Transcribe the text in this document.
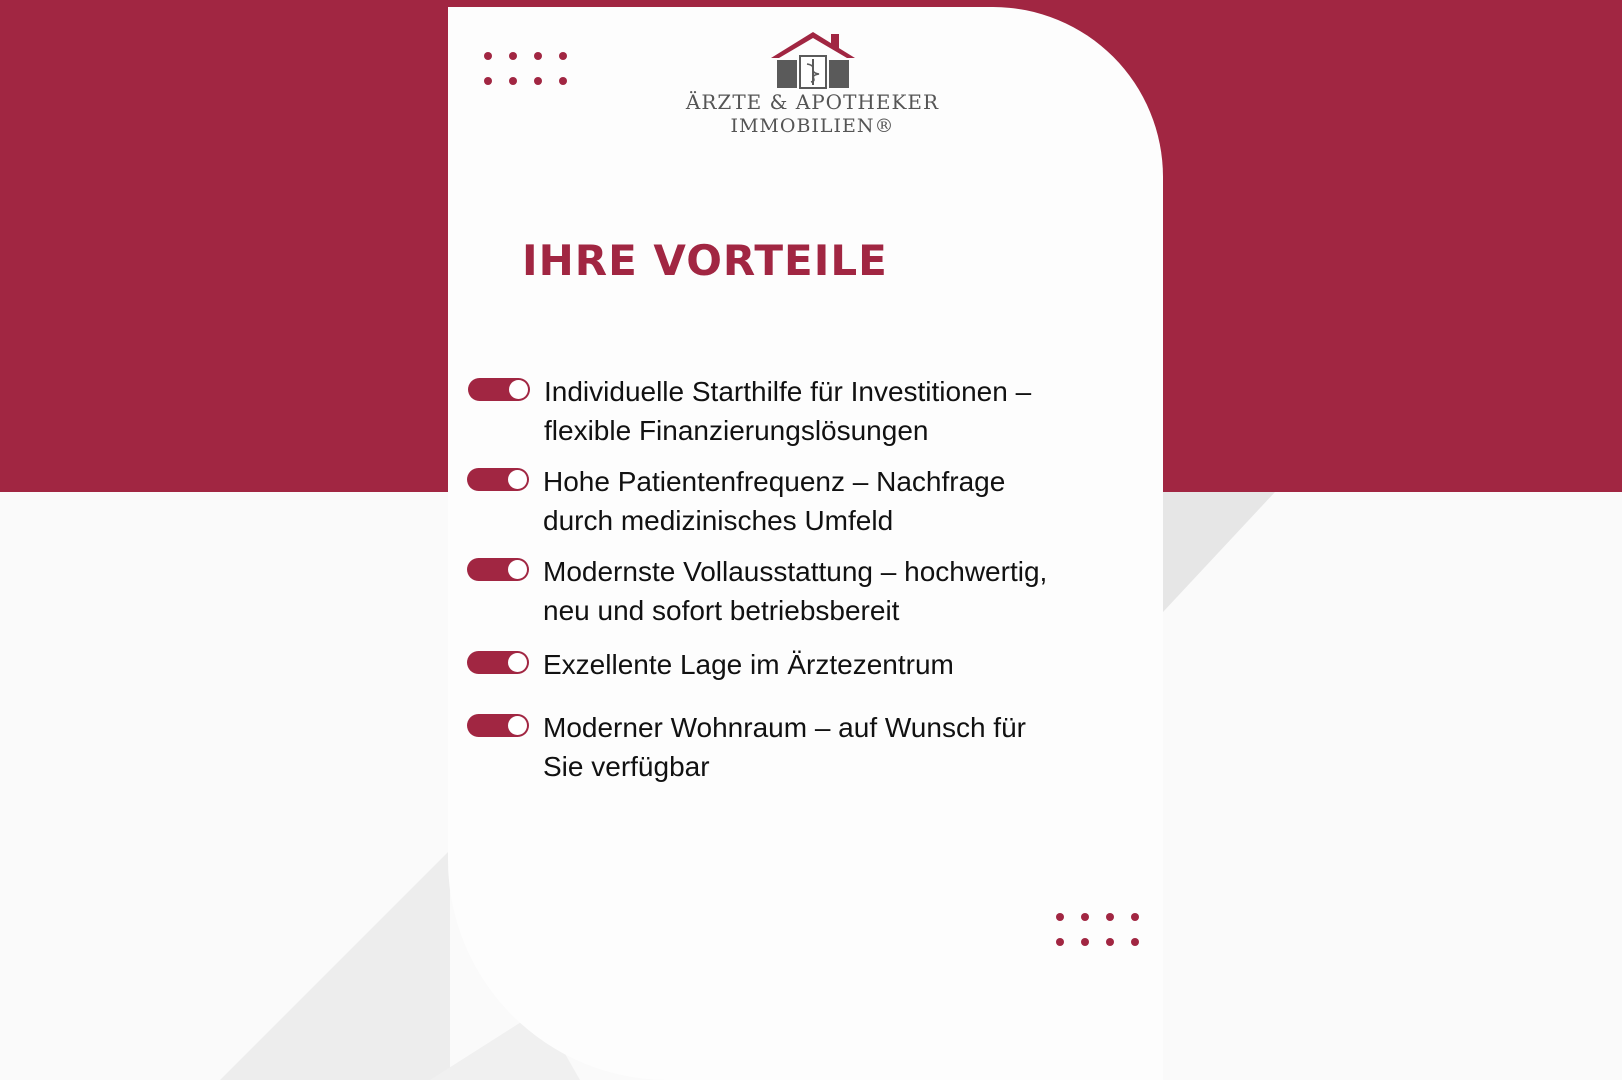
ÄRZTE & APOTHEKER
IMMOBILIEN®
IHRE VORTEILE
Individuelle Starthilfe für Investitionen –
flexible Finanzierungslösungen
Hohe Patientenfrequenz – Nachfrage
durch medizinisches Umfeld
Modernste Vollausstattung – hochwertig,
neu und sofort betriebsbereit
Exzellente Lage im Ärztezentrum
Moderner Wohnraum – auf Wunsch für
Sie verfügbar
